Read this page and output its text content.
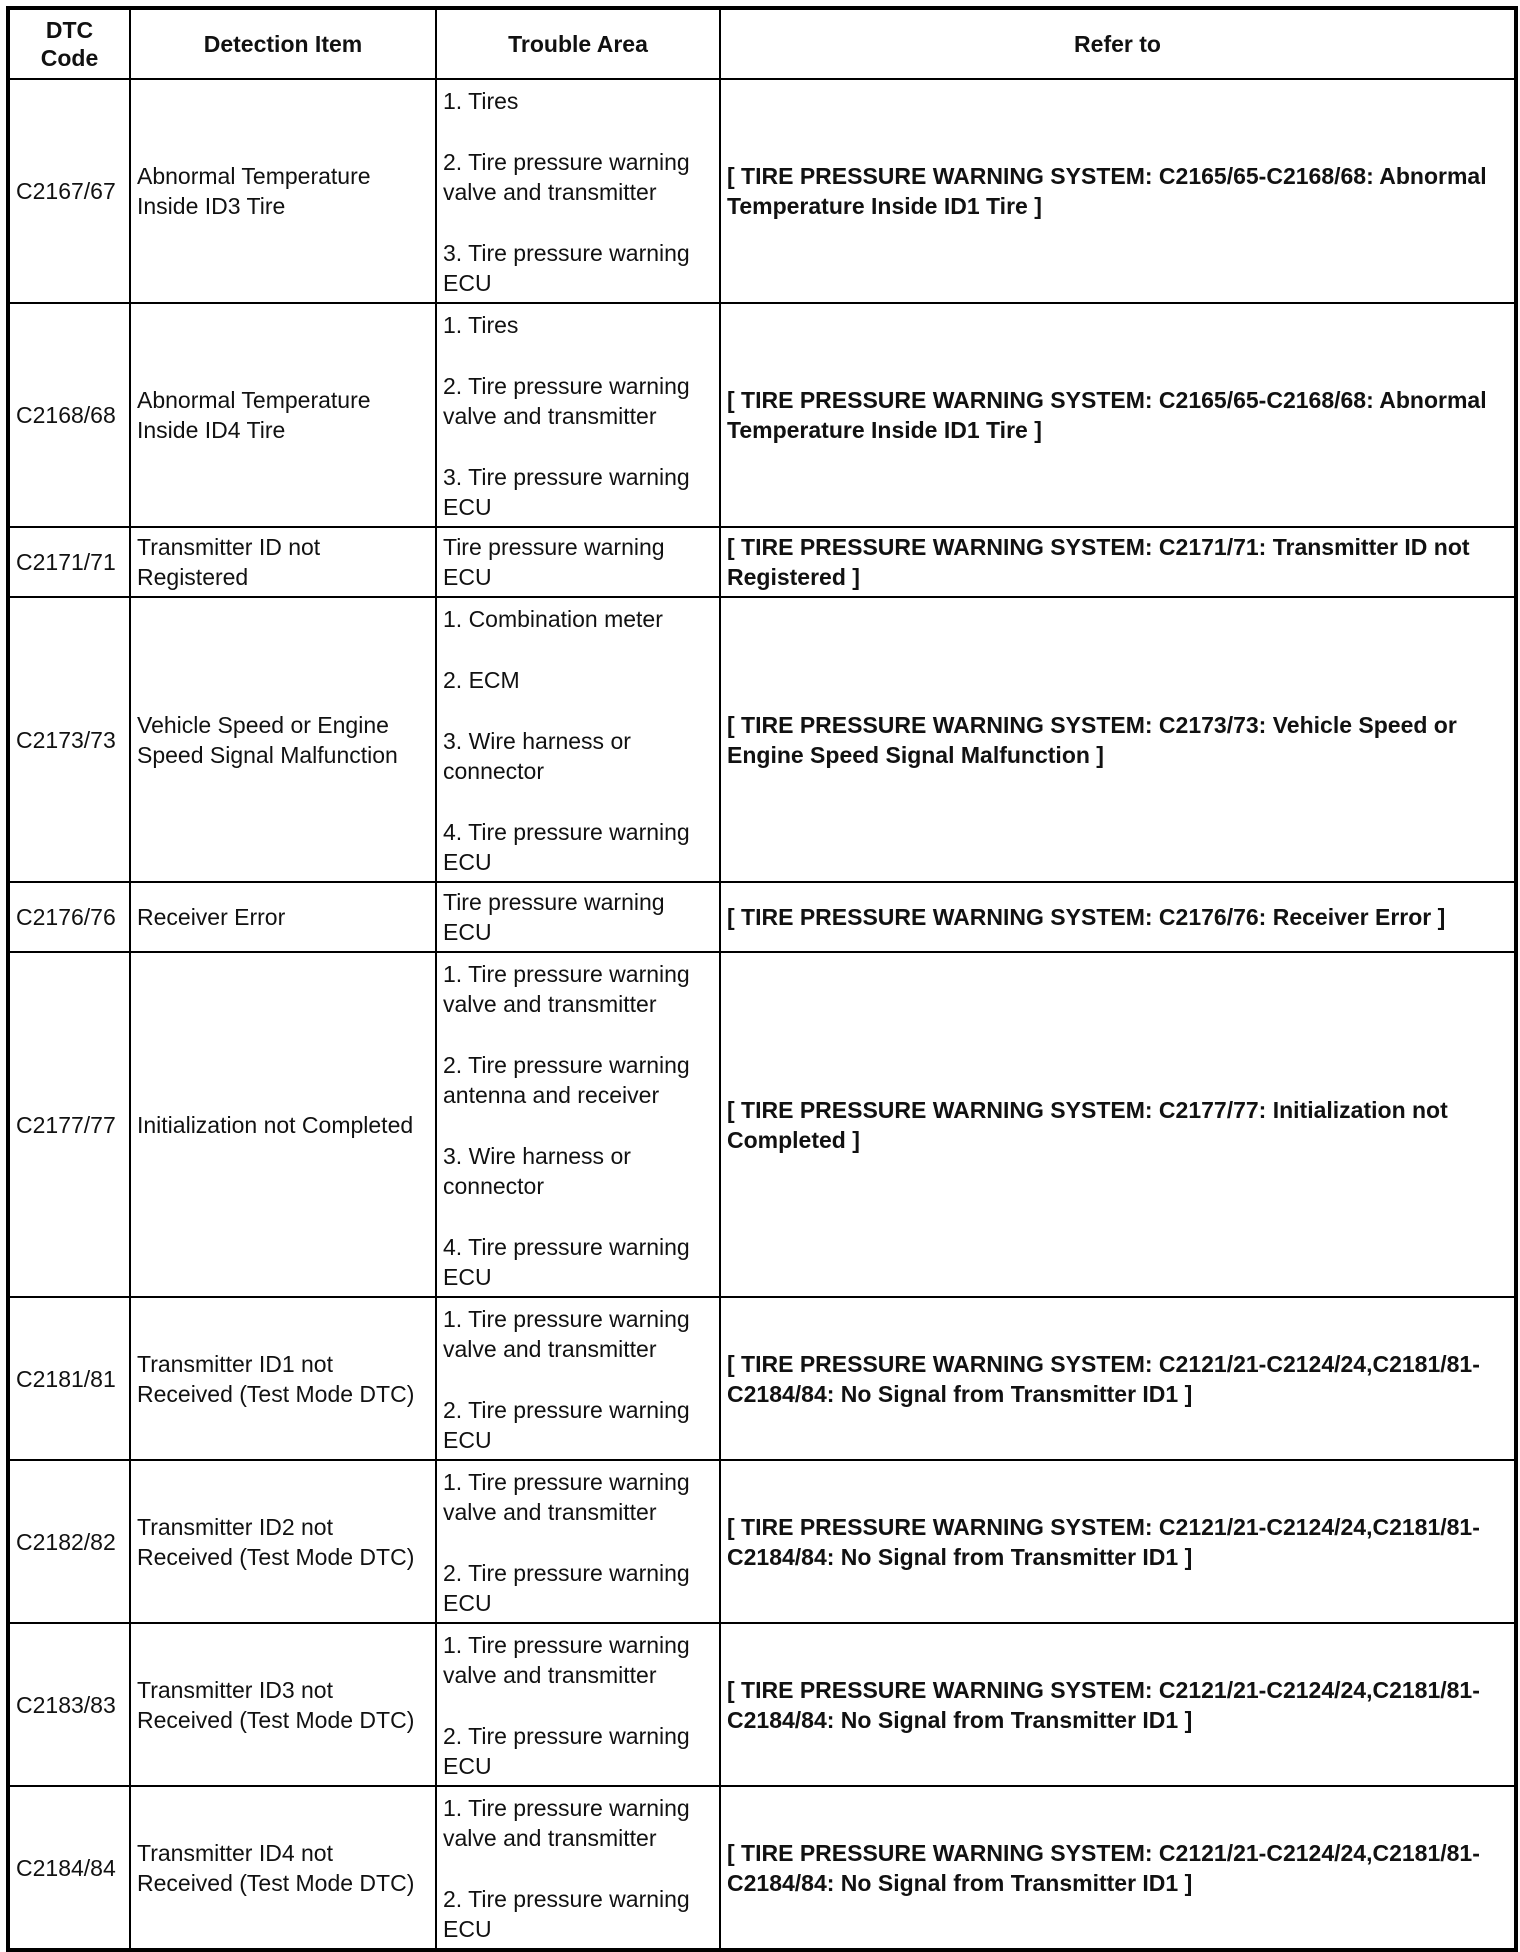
DTC
Code	Detection Item	Trouble Area	Refer to
C2167/67	Abnormal Temperature Inside ID3 Tire	1. Tires
2. Tire pressure warning valve and transmitter
3. Tire pressure warning ECU	[ TIRE PRESSURE WARNING SYSTEM: C2165/65-C2168/68: Abnormal Temperature Inside ID1 Tire ]
C2168/68	Abnormal Temperature Inside ID4 Tire	1. Tires
2. Tire pressure warning valve and transmitter
3. Tire pressure warning ECU	[ TIRE PRESSURE WARNING SYSTEM: C2165/65-C2168/68: Abnormal Temperature Inside ID1 Tire ]
C2171/71	Transmitter ID not Registered	Tire pressure warning ECU	[ TIRE PRESSURE WARNING SYSTEM: C2171/71: Transmitter ID not Registered ]
C2173/73	Vehicle Speed or Engine Speed Signal Malfunction	1. Combination meter
2. ECM
3. Wire harness or connector
4. Tire pressure warning ECU	[ TIRE PRESSURE WARNING SYSTEM: C2173/73: Vehicle Speed or Engine Speed Signal Malfunction ]
C2176/76	Receiver Error	Tire pressure warning ECU	[ TIRE PRESSURE WARNING SYSTEM: C2176/76: Receiver Error ]
C2177/77	Initialization not Completed	1. Tire pressure warning valve and transmitter
2. Tire pressure warning antenna and receiver
3. Wire harness or connector
4. Tire pressure warning ECU	[ TIRE PRESSURE WARNING SYSTEM: C2177/77: Initialization not Completed ]
C2181/81	Transmitter ID1 not Received (Test Mode DTC)	1. Tire pressure warning valve and transmitter
2. Tire pressure warning ECU	[ TIRE PRESSURE WARNING SYSTEM: C2121/21-C2124/24,C2181/81-C2184/84: No Signal from Transmitter ID1 ]
C2182/82	Transmitter ID2 not Received (Test Mode DTC)	1. Tire pressure warning valve and transmitter
2. Tire pressure warning ECU	[ TIRE PRESSURE WARNING SYSTEM: C2121/21-C2124/24,C2181/81-C2184/84: No Signal from Transmitter ID1 ]
C2183/83	Transmitter ID3 not Received (Test Mode DTC)	1. Tire pressure warning valve and transmitter
2. Tire pressure warning ECU	[ TIRE PRESSURE WARNING SYSTEM: C2121/21-C2124/24,C2181/81-C2184/84: No Signal from Transmitter ID1 ]
C2184/84	Transmitter ID4 not Received (Test Mode DTC)	1. Tire pressure warning valve and transmitter
2. Tire pressure warning ECU	[ TIRE PRESSURE WARNING SYSTEM: C2121/21-C2124/24,C2181/81-C2184/84: No Signal from Transmitter ID1 ]
